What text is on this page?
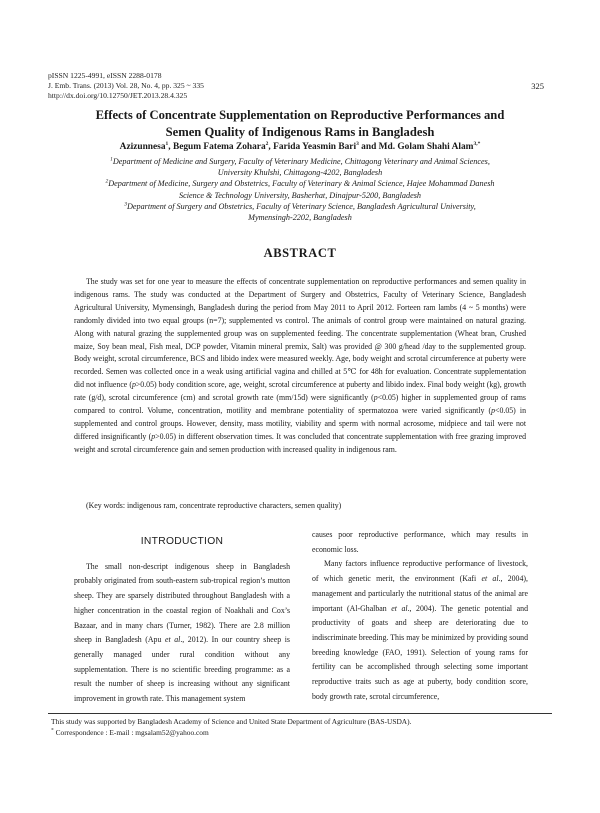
pISSN 1225-4991, eISSN 2288-0178
J. Emb. Trans. (2013) Vol. 28, No. 4, pp. 325 ~ 335
http://dx.doi.org/10.12750/JET.2013.28.4.325
325
Effects of Concentrate Supplementation on Reproductive Performances and
Semen Quality of Indigenous Rams in Bangladesh
Azizunnesa$^1$, Begum Fatema Zohara$^2$, Farida Yeasmin Bari$^3$ and Md. Golam Shahi Alam$^{3,*}$

$^1$Department of Medicine and Surgery, Faculty of Veterinary Medicine, Chittagong Veterinary and Animal Sciences,

University Khulshi, Chittagong-4202, Bangladesh

$^2$Department of Medicine, Surgery and Obstetrics, Faculty of Veterinary & Animal Science, Hajee Mohammad Danesh

Science & Technology University, Basherhat, Dinajpur-5200, Bangladesh

$^3$Department of Surgery and Obstetrics, Faculty of Veterinary Science, Bangladesh Agricultural University,

Mymensingh-2202, Bangladesh

ABSTRACT

The study was set for one year to measure the effects of concentrate supplementation on reproductive performances and semen quality in indigenous rams. The study was conducted at the Department of Surgery and Obstetrics, Faculty of Veterinary Science, Bangladesh Agricultural University, Mymensingh, Bangladesh during the period from May 2011 to April 2012. Forteen ram lambs (4 ~ 5 months) were randomly divided into two equal groups (n=7); supplemented vs control. The animals of control group were maintained on natural grazing. Along with natural grazing the supplemented group was on supplemented feeding. The concentrate supplementation (Wheat bran, Crushed maize, Soy bean meal, Fish meal, DCP powder, Vitamin mineral premix, Salt) was provided @ 300 g/head /day to the supplemented group. Body weight, scrotal circumference, BCS and libido index were measured weekly. Age, body weight and scrotal circumference at puberty were recorded. Semen was collected once in a weak using artificial vagina and chilled at 5℃ for 48h for evaluation. Concentrate supplementation did not influence (p>0.05) body condition score, age, weight, scrotal circumference at puberty and libido index. Final body weight (kg), growth rate (g/d), scrotal circumference (cm) and scrotal growth rate (mm/15d) were significantly (p<0.05) higher in supplemented group of rams compared to control. Volume, concentration, motility and membrane potentiality of spermatozoa were varied significantly (p<0.05) in supplemented and control groups. However, density, mass motility, viability and sperm with normal acrosome, midpiece and tail were not differed insignificantly (p>0.05) in different observation times. It was concluded that concentrate supplementation with free grazing improved weight and scrotal circumference gain and semen production with increased quality in indigenous ram.

(Key words: indigenous ram, concentrate reproductive characters, semen quality)

INTRODUCTION

The small non-descript indigenous sheep in Bangladesh probably originated from south-eastern sub-tropical region’s mutton sheep. They are sparsely distributed throughout Bangladesh with a higher concentration in the coastal region of Noakhali and Cox’s Bazaar, and in many chars (Turner, 1982). There are 2.8 million sheep in Bangladesh (Apu et al., 2012). In our country sheep is generally managed under rural condition without any supplementation. There is no scientific breeding programme: as a result the number of sheep is increasing without any significant improvement in growth rate. This management system

causes poor reproductive performance, which may results in economic loss.

Many factors influence reproductive performance of livestock, of which genetic merit, the environment (Kafi et al., 2004), management and particularly the nutritional status of the animal are important (Al-Ghalban et al., 2004). The genetic potential and productivity of goats and sheep are deteriorating due to indiscriminate breeding. This may be minimized by providing sound breeding knowledge (FAO, 1991). Selection of young rams for fertility can be accomplished through selecting some important reproductive traits such as age at puberty, body condition score, body growth rate, scrotal circumference,

This study was supported by Bangladesh Academy of Science and United State Department of Agriculture (BAS-USDA).

* Correspondence : E-mail : mgsalam52@yahoo.com
